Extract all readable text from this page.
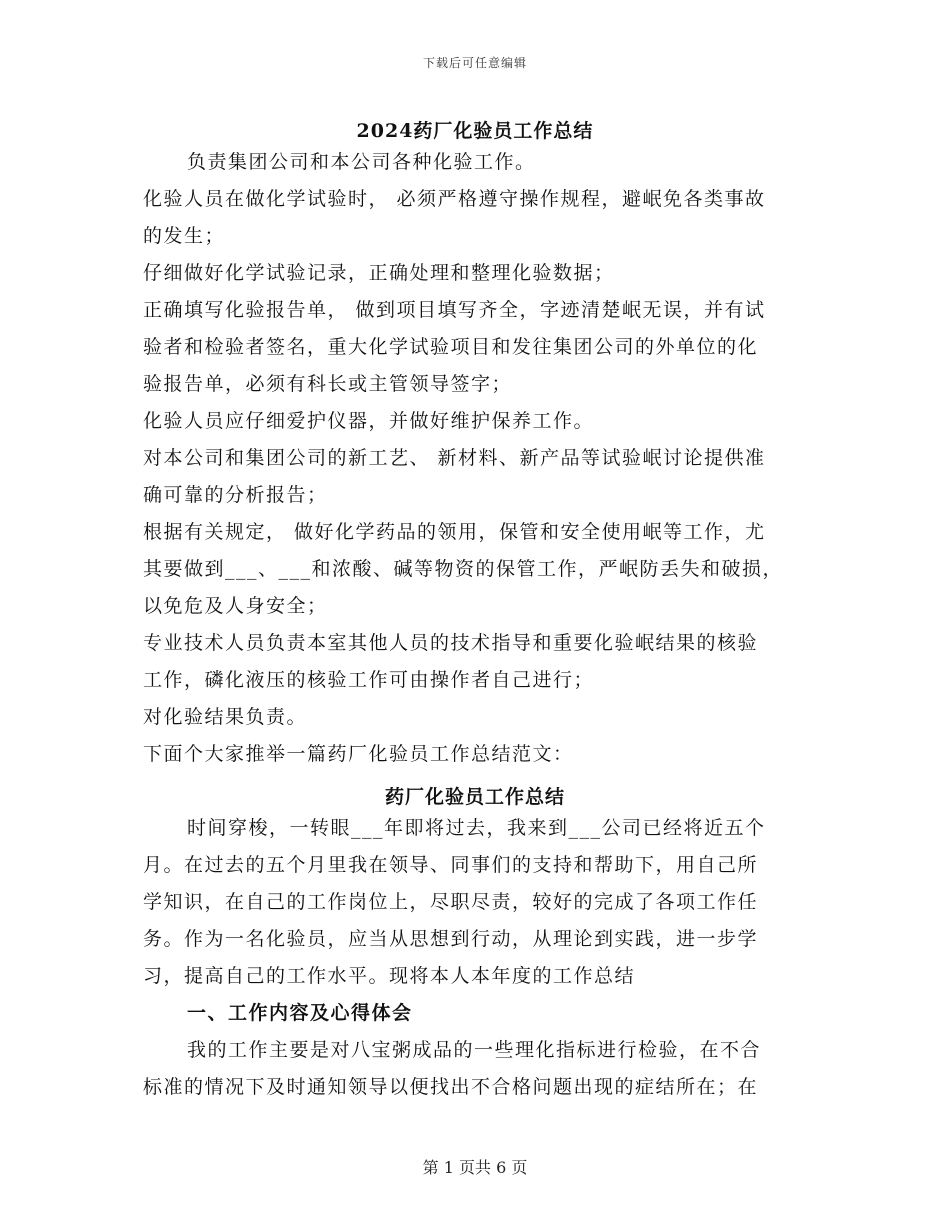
下载后可任意编辑
2024药厂化验员工作总结
负责集团公司和本公司各种化验工作。
化验人员在做化学试验时， 必须严格遵守操作规程，避岷免各类事故
的发生；
仔细做好化学试验记录，正确处理和整理化验数据；
正确填写化验报告单， 做到项目填写齐全，字迹清楚岷无误，并有试
验者和检验者签名，重大化学试验项目和发往集团公司的外单位的化
验报告单，必须有科长或主管领导签字；
化验人员应仔细爱护仪器，并做好维护保养工作。
对本公司和集团公司的新工艺、 新材料、新产品等试验岷讨论提供准
确可靠的分析报告；
根据有关规定， 做好化学药品的领用，保管和安全使用岷等工作，尤
其要做到___、___和浓酸、碱等物资的保管工作，严岷防丢失和破损，
以免危及人身安全；
专业技术人员负责本室其他人员的技术指导和重要化验岷结果的核验
工作，磷化液压的核验工作可由操作者自己进行；
对化验结果负责。
下面个大家推举一篇药厂化验员工作总结范文：
药厂化验员工作总结
时间穿梭，一转眼___年即将过去，我来到___公司已经将近五个
月。在过去的五个月里我在领导、同事们的支持和帮助下，用自己所
学知识，在自己的工作岗位上，尽职尽责，较好的完成了各项工作任
务。作为一名化验员，应当从思想到行动，从理论到实践，进一步学
习，提高自己的工作水平。现将本人本年度的工作总结
一、工作内容及心得体会
我的工作主要是对八宝粥成品的一些理化指标进行检验，在不合
标准的情况下及时通知领导以便找出不合格问题出现的症结所在；在
第 1 页共 6 页
